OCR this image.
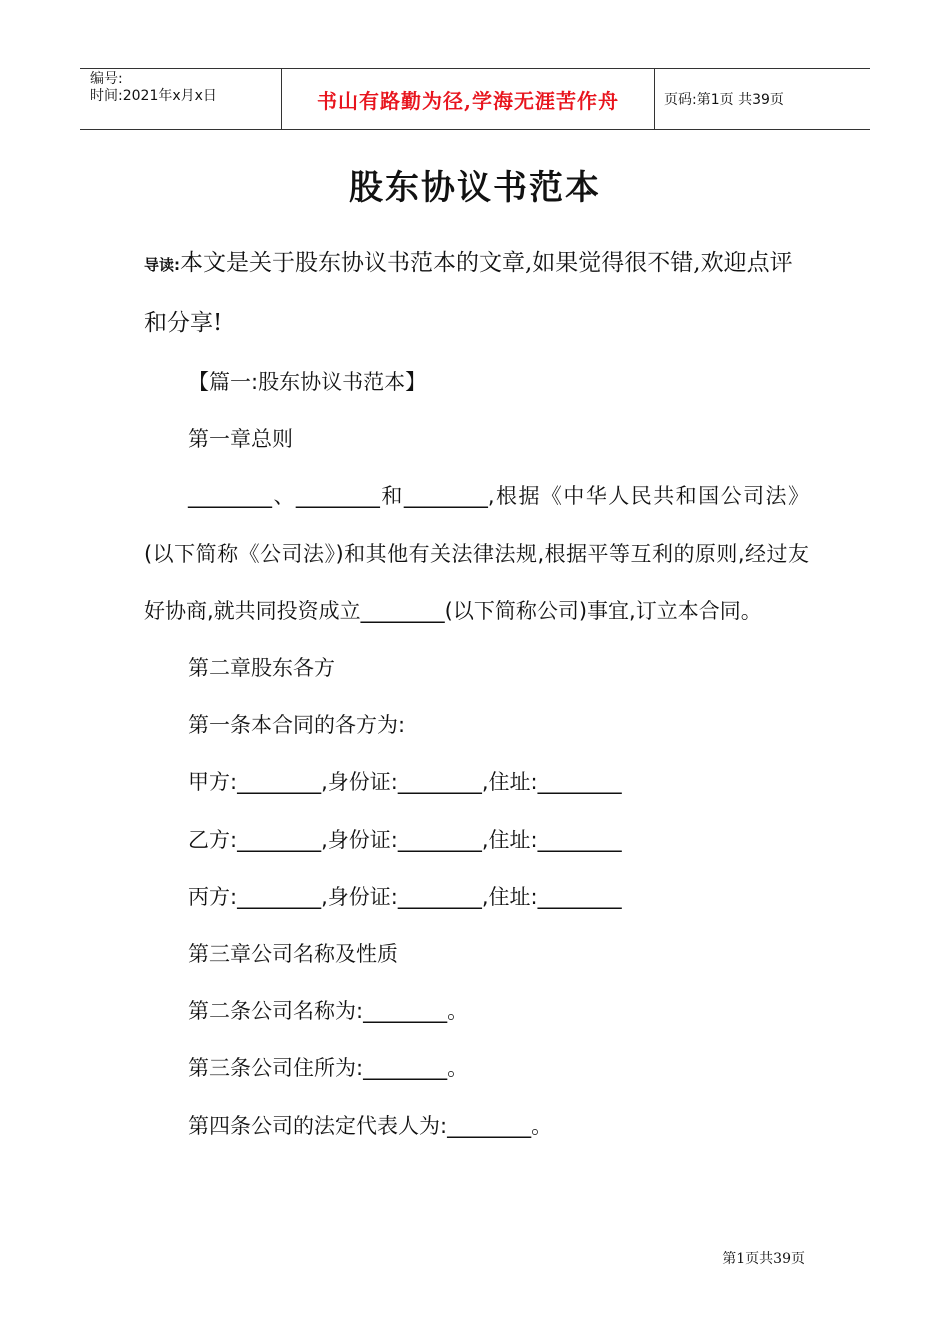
编号:
时间:2021年x月x日	书山有路勤为径,学海无涯苦作舟	页码:第1页 共39页
股东协议书范本
导读:本文是关于股东协议书范本的文章,如果觉得很不错,欢迎点评和分享!

【篇一:股东协议书范本】

第一章总则

________、________和________,根据《中华人民共和国公司法》(以下简称《公司法》)和其他有关法律法规,根据平等互利的原则,经过友好协商,就共同投资成立________(以下简称公司)事宜,订立本合同。

第二章股东各方

第一条本合同的各方为:

甲方:________,身份证:________,住址:________

乙方:________,身份证:________,住址:________

丙方:________,身份证:________,住址:________

第三章公司名称及性质

第二条公司名称为:________。

第三条公司住所为:________。

第四条公司的法定代表人为:________。

第1页共39页
